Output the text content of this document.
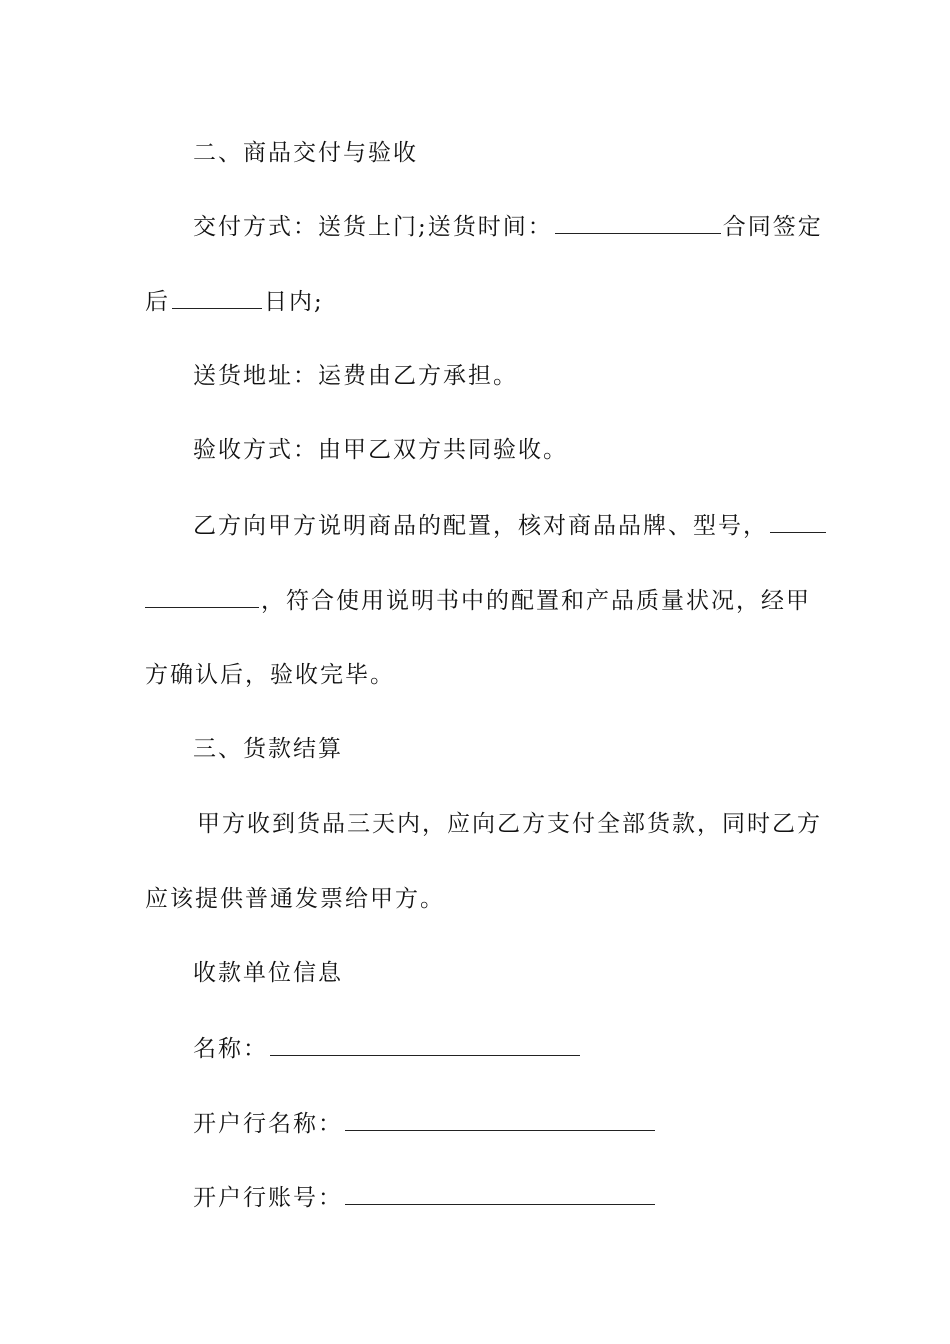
二、商品交付与验收
交付方式：送货上门;送货时间：	合同签定
后	日内;
送货地址：运费由乙方承担。
验收方式：由甲乙双方共同验收。
乙方向甲方说明商品的配置，核对商品品牌、型号，
，符合使用说明书中的配置和产品质量状况，经甲
方确认后，验收完毕。
三、货款结算
甲方收到货品三天内，应向乙方支付全部货款，同时乙方
应该提供普通发票给甲方。
收款单位信息
名称：
开户行名称：
开户行账号：
